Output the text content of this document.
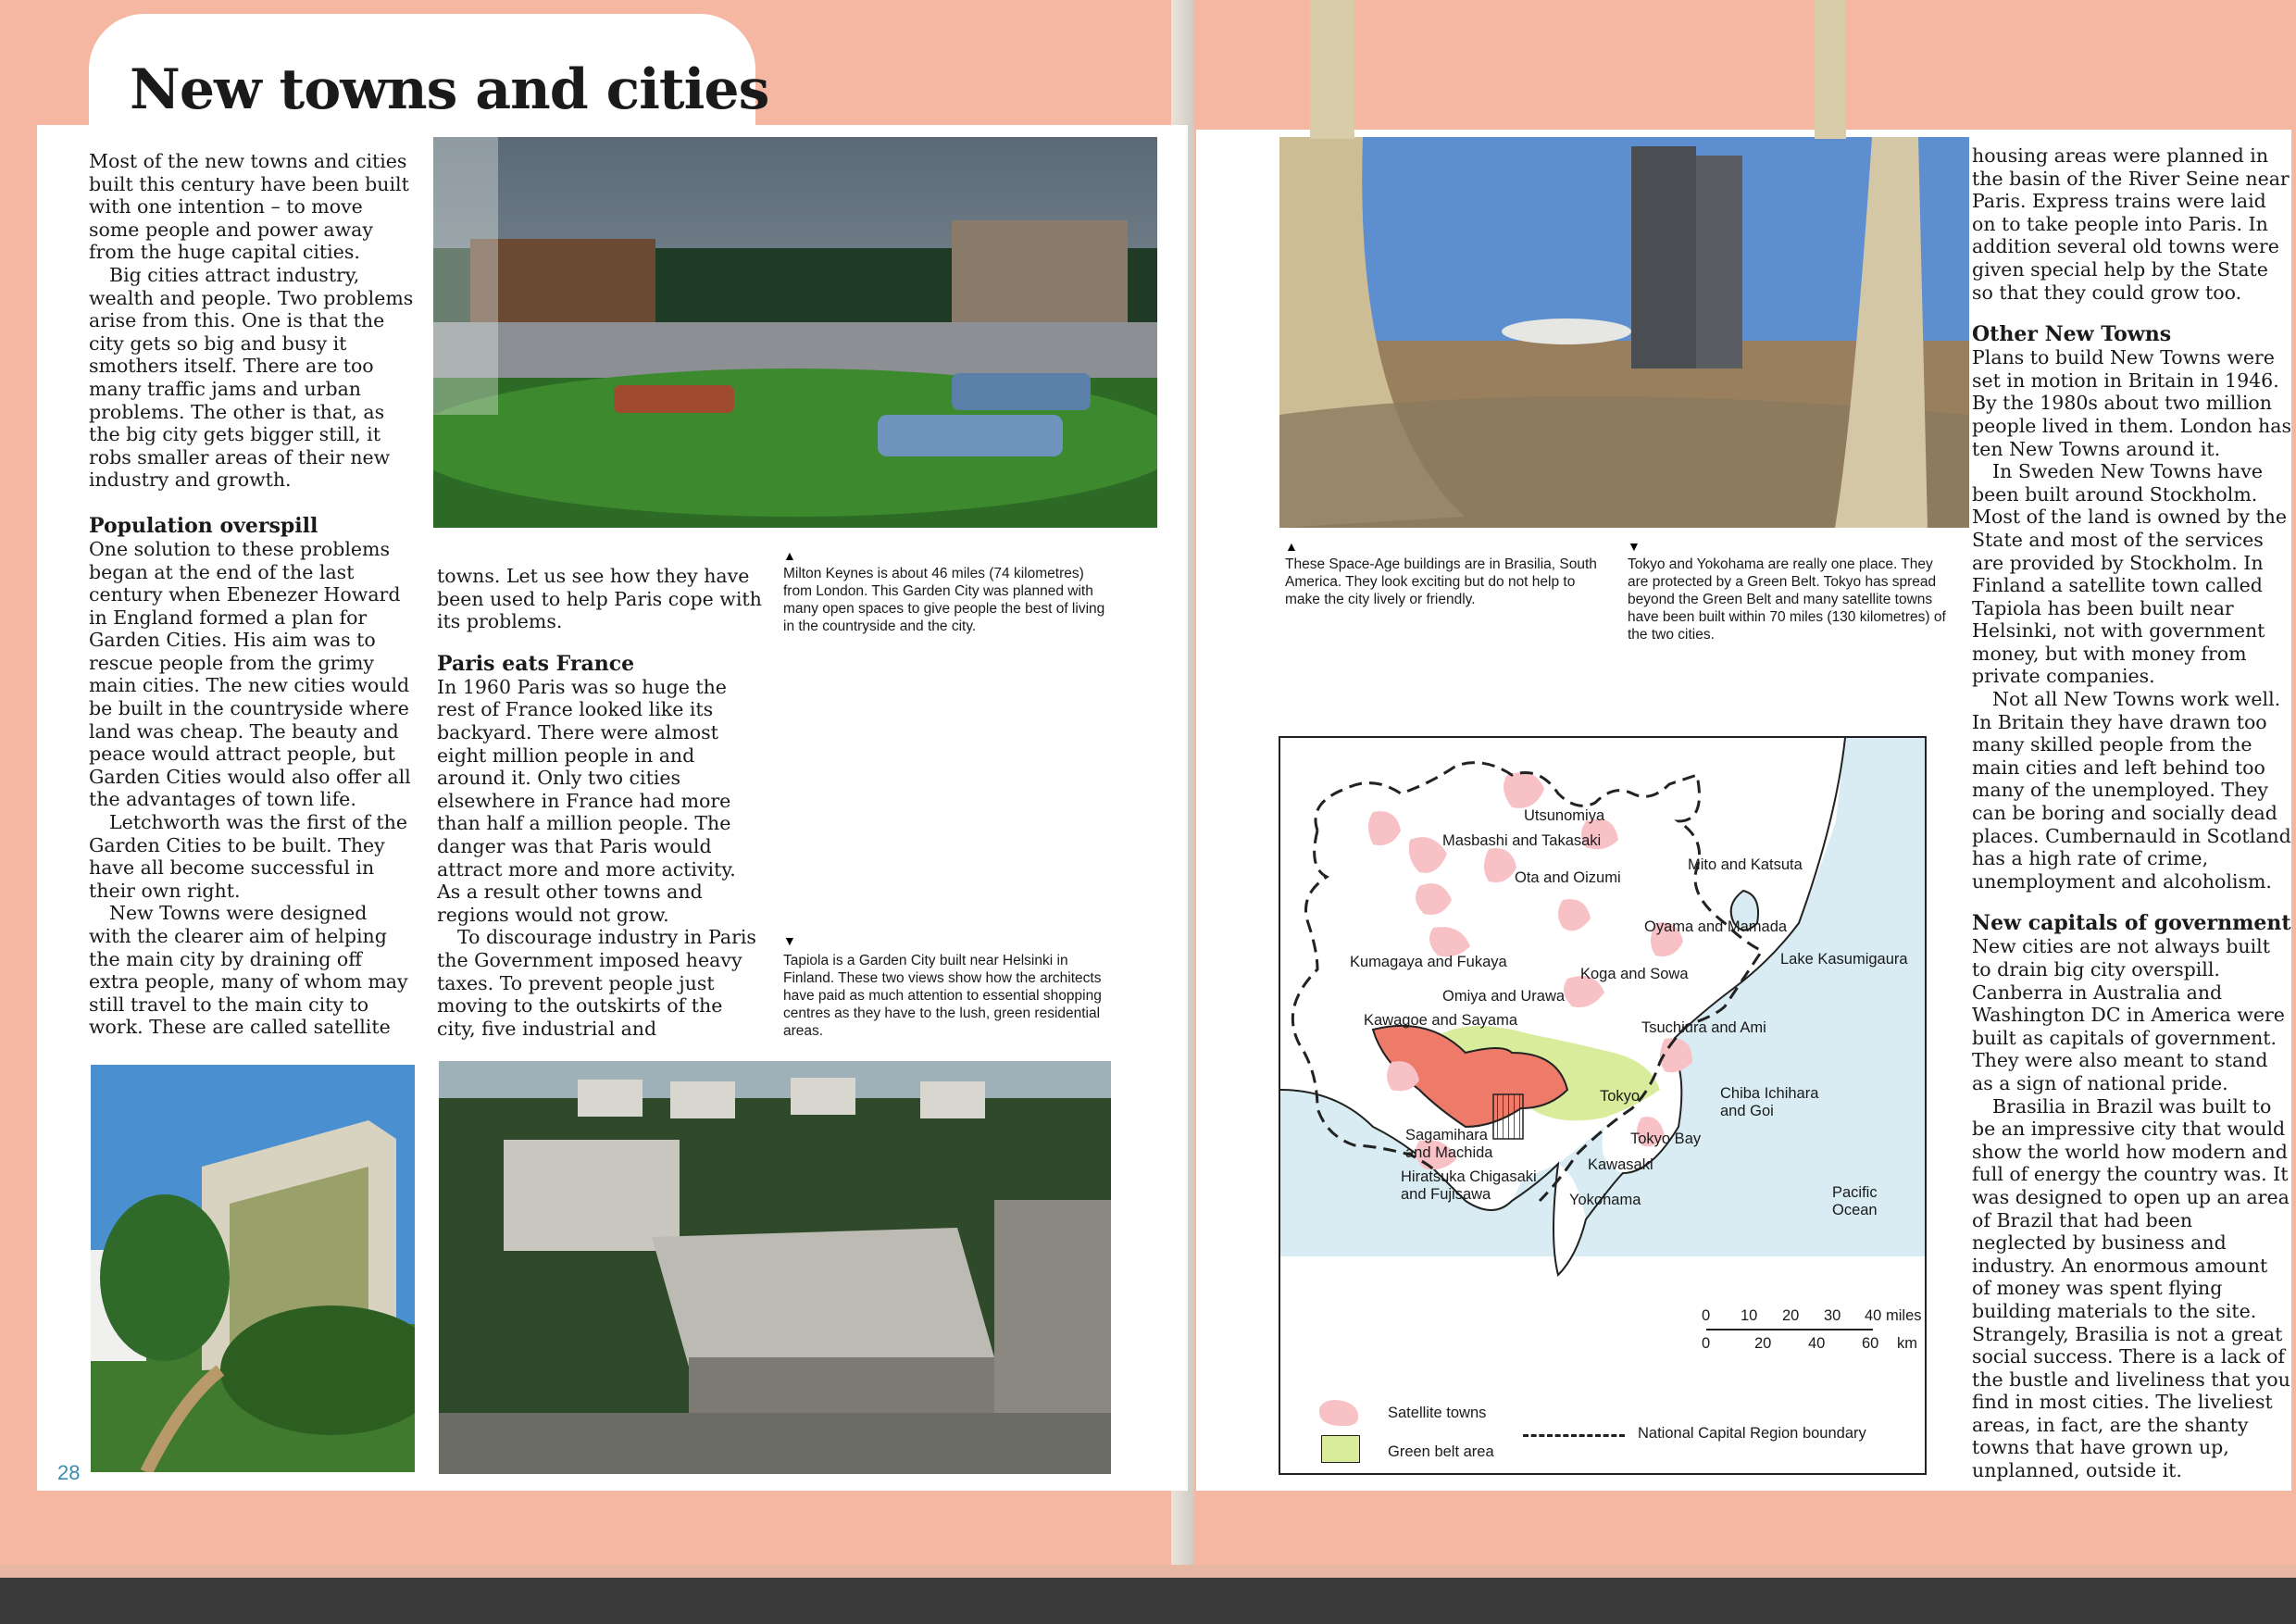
New towns and cities

Most of the new towns and cities built this century have been built with one intention – to move some people and power away from the huge capital cities.

Big cities attract industry, wealth and people. Two problems arise from this. One is that the city gets so big and busy it smothers itself. There are too many traffic jams and urban problems. The other is that, as the big city gets bigger still, it robs smaller areas of their new industry and growth.

Population overspill

One solution to these problems began at the end of the last century when Ebenezer Howard in England formed a plan for Garden Cities. His aim was to rescue people from the grimy main cities. The new cities would be built in the countryside where land was cheap. The beauty and peace would attract people, but Garden Cities would also offer all the advantages of town life.

Letchworth was the first of the Garden Cities to be built. They have all become successful in their own right.

New Towns were designed with the clearer aim of helping the main city by draining off extra people, many of whom may still travel to the main city to work. These are called satellite

towns. Let us see how they have been used to help Paris cope with its problems.

Paris eats France

In 1960 Paris was so huge the rest of France looked like its backyard. There were almost eight million people in and around it. Only two cities elsewhere in France had more than half a million people. The danger was that Paris would attract more and more activity. As a result other towns and regions would not grow.

To discourage industry in Paris the Government imposed heavy taxes. To prevent people just moving to the outskirts of the city, five industrial and

▲
Milton Keynes is about 46 miles (74 kilometres) from London. This Garden City was planned with many open spaces to give people the best of living in the countryside and the city.
▼
Tapiola is a Garden City built near Helsinki in Finland. These two views show how the architects have paid as much attention to essential shopping centres as they have to the lush, green residential areas.
28
▲
These Space-Age buildings are in Brasilia, South America. They look exciting but do not help to make the city lively or friendly.
▼
Tokyo and Yokohama are really one place. They are protected by a Green Belt. Tokyo has spread beyond the Green Belt and many satellite towns have been built within 70 miles (130 kilometres) of the two cities.

housing areas were planned in the basin of the River Seine near Paris. Express trains were laid on to take people into Paris. In addition several old towns were given special help by the State so that they could grow too.

Other New Towns

Plans to build New Towns were set in motion in Britain in 1946. By the 1980s about two million people lived in them. London has ten New Towns around it.

In Sweden New Towns have been built around Stockholm. Most of the land is owned by the State and most of the services are provided by Stockholm. In Finland a satellite town called Tapiola has been built near Helsinki, not with government money, but with money from private companies.

Not all New Towns work well. In Britain they have drawn too many skilled people from the main cities and left behind too many of the unemployed. They can be boring and socially dead places. Cumbernauld in Scotland has a high rate of crime, unemployment and alcoholism.

New capitals of government

New cities are not always built to drain big city overspill. Canberra in Australia and Washington DC in America were built as capitals of government. They were also meant to stand as a sign of national pride.

Brasilia in Brazil was built to be an impressive city that would show the world how modern and full of energy the country was. It was designed to open up an area of Brazil that had been neglected by business and industry. An enormous amount of money was spent flying building materials to the site. Strangely, Brasilia is not a great social success. There is a lack of the bustle and liveliness that you find in most cities. The liveliest areas, in fact, are the shanty towns that have grown up, unplanned, outside it.

Utsunomiya
Masbashi and Takasaki
Mito and Katsuta
Ota and Oizumi
Oyama and Mamada
Kumagaya and Fukaya
Koga and Sowa
Lake Kasumigaura
Omiya and Urawa
Kawagoe and Sayama	Tsuchiura and Ami
Tokyo	Chiba Ichihara
and Goi
Sagamihara
and Machida
Tokyo Bay
Kawasaki
Hiratsuka Chigasaki
and Fujisawa	Yokohama	Pacific
Ocean
0 10 20 30 40 miles
0	20 40 60 km
Satellite towns
Green belt area
National Capital Region boundary
